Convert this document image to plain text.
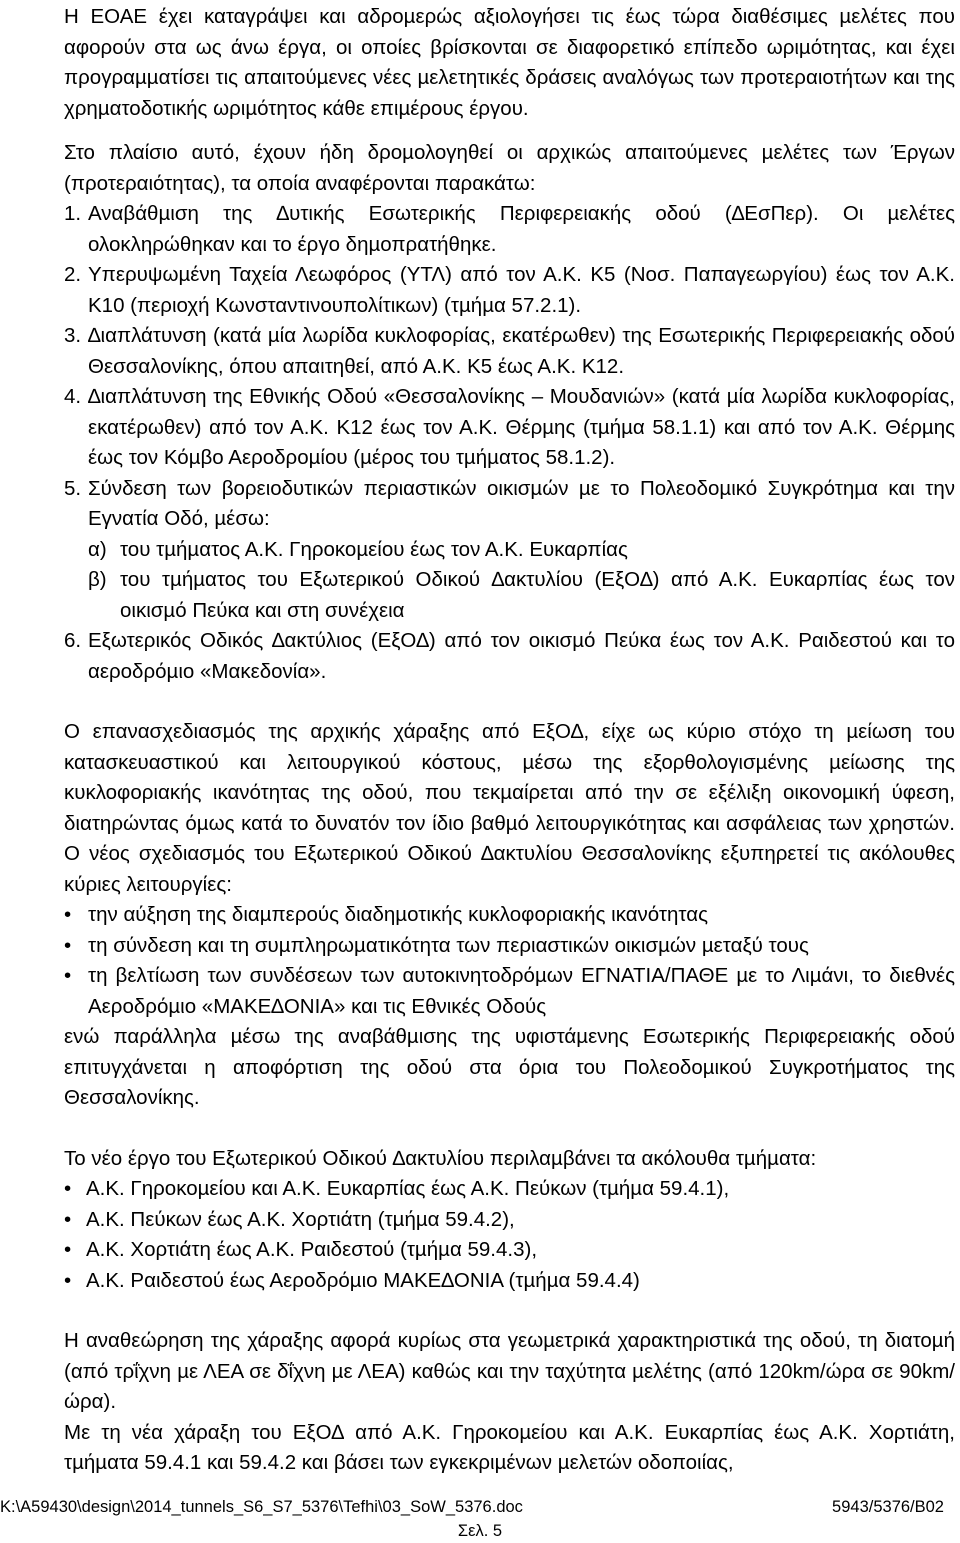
Η ΕΟΑΕ έχει καταγράψει και αδροµερώς αξιολογήσει τις έως τώρα διαθέσιµες µελέτες που αφορούν στα ως άνω έργα, οι οποίες βρίσκονται σε διαφορετικό επίπεδο ωριµότητας, και έχει προγραµµατίσει τις απαιτούµενες νέες µελετητικές δράσεις αναλόγως των προτεραιοτήτων και της χρηµατοδοτικής ωριµότητος κάθε επιµέρους έργου.

Στο πλαίσιο αυτό, έχουν ήδη δροµολογηθεί οι αρχικώς απαιτούµενες µελέτες των Έργων (προτεραιότητας), τα οποία αναφέρονται παρακάτω:

1. Αναβάθµιση της ∆υτικής Εσωτερικής Περιφερειακής οδού (∆ΕσΠερ). Οι µελέτες ολοκληρώθηκαν και το έργο δηµοπρατήθηκε.
2. Υπερυψωµένη Ταχεία Λεωφόρος (ΥΤΛ) από τον Α.Κ. Κ5 (Νοσ. Παπαγεωργίου) έως τον Α.Κ. Κ10 (περιοχή Κωνσταντινουπολίτικων) (τµήµα 57.2.1).
3. ∆ιαπλάτυνση (κατά µία λωρίδα κυκλοφορίας, εκατέρωθεν) της Εσωτερικής Περιφερειακής οδού Θεσσαλονίκης, όπου απαιτηθεί, από Α.Κ. Κ5 έως Α.Κ. Κ12.
4. ∆ιαπλάτυνση της Εθνικής Οδού «Θεσσαλονίκης – Μουδανιών» (κατά µία λωρίδα κυκλοφορίας, εκατέρωθεν) από τον Α.Κ. Κ12 έως τον Α.Κ. Θέρµης (τµήµα 58.1.1) και από τον Α.Κ. Θέρµης έως τον Κόµβο Αεροδροµίου (µέρος του τµήµατος 58.1.2).
5. Σύνδεση των βορειοδυτικών περιαστικών οικισµών µε το Πολεοδοµικό Συγκρότηµα και την Εγνατία Οδό, µέσω:
α) του τµήµατος Α.Κ. Γηροκοµείου έως τον Α.Κ. Ευκαρπίας
β) του τµήµατος του Εξωτερικού Οδικού ∆ακτυλίου (ΕξΟ∆) από Α.Κ. Ευκαρπίας έως τον οικισµό Πεύκα και στη συνέχεια
6. Εξωτερικός Οδικός ∆ακτύλιος (ΕξΟ∆) από τον οικισµό Πεύκα έως τον Α.Κ. Ραιδεστού και το αεροδρόµιο «Μακεδονία».

Ο επανασχεδιασµός της αρχικής χάραξης από ΕξΟ∆, είχε ως κύριο στόχο τη µείωση του κατασκευαστικού και λειτουργικού κόστους, µέσω της εξορθολογισµένης µείωσης της κυκλοφοριακής ικανότητας της οδού, που τεκµαίρεται από την σε εξέλιξη οικονοµική ύφεση, διατηρώντας όµως κατά το δυνατόν τον ίδιο βαθµό λειτουργικότητας και ασφάλειας των χρηστών. Ο νέος σχεδιασµός του Εξωτερικού Οδικού ∆ακτυλίου Θεσσαλονίκης εξυπηρετεί τις ακόλουθες κύριες λειτουργίες:

• την αύξηση της διαµπερούς διαδηµοτικής κυκλοφοριακής ικανότητας
• τη σύνδεση και τη συµπληρωµατικότητα των περιαστικών οικισµών µεταξύ τους
• τη βελτίωση των συνδέσεων των αυτοκινητοδρόµων ΕΓΝΑΤΙΑ/ΠΑΘΕ µε το Λιµάνι, το διεθνές Αεροδρόµιο «ΜΑΚΕ∆ΟΝΙΑ» και τις Εθνικές Οδούς

ενώ παράλληλα µέσω της αναβάθµισης της υφιστάµενης Εσωτερικής Περιφερειακής οδού επιτυγχάνεται η αποφόρτιση της οδού στα όρια του Πολεοδοµικού Συγκροτήµατος της Θεσσαλονίκης.

Το νέο έργο του Εξωτερικού Οδικού ∆ακτυλίου περιλαµβάνει τα ακόλουθα τµήµατα:

• Α.Κ. Γηροκοµείου και Α.Κ. Ευκαρπίας έως Α.Κ. Πεύκων (τµήµα 59.4.1),
• Α.Κ. Πεύκων έως Α.Κ. Χορτιάτη (τµήµα 59.4.2),
• Α.Κ. Χορτιάτη έως Α.Κ. Ραιδεστού (τµήµα 59.4.3),
• Α.Κ. Ραιδεστού έως Αεροδρόµιο ΜΑΚΕ∆ΟΝΙΑ (τµήµα 59.4.4)

Η αναθεώρηση της χάραξης αφορά κυρίως στα γεωµετρικά χαρακτηριστικά της οδού, τη διατοµή (από τρΐχνη µε ΛΕΑ σε δΐχνη µε ΛΕΑ) καθώς και την ταχύτητα µελέτης (από 120km/ώρα σε 90km/ώρα).

Με τη νέα χάραξη του ΕξΟ∆ από Α.Κ. Γηροκοµείου και Α.Κ. Ευκαρπίας έως Α.Κ. Χορτιάτη, τµήµατα 59.4.1 και 59.4.2 και βάσει των εγκεκριµένων µελετών οδοποιίας,

K:\A59430\design\2014_tunnels_S6_S7_5376\Tefhi\03_SoW_5376.doc	5943/5376/B02
Σελ. 5
